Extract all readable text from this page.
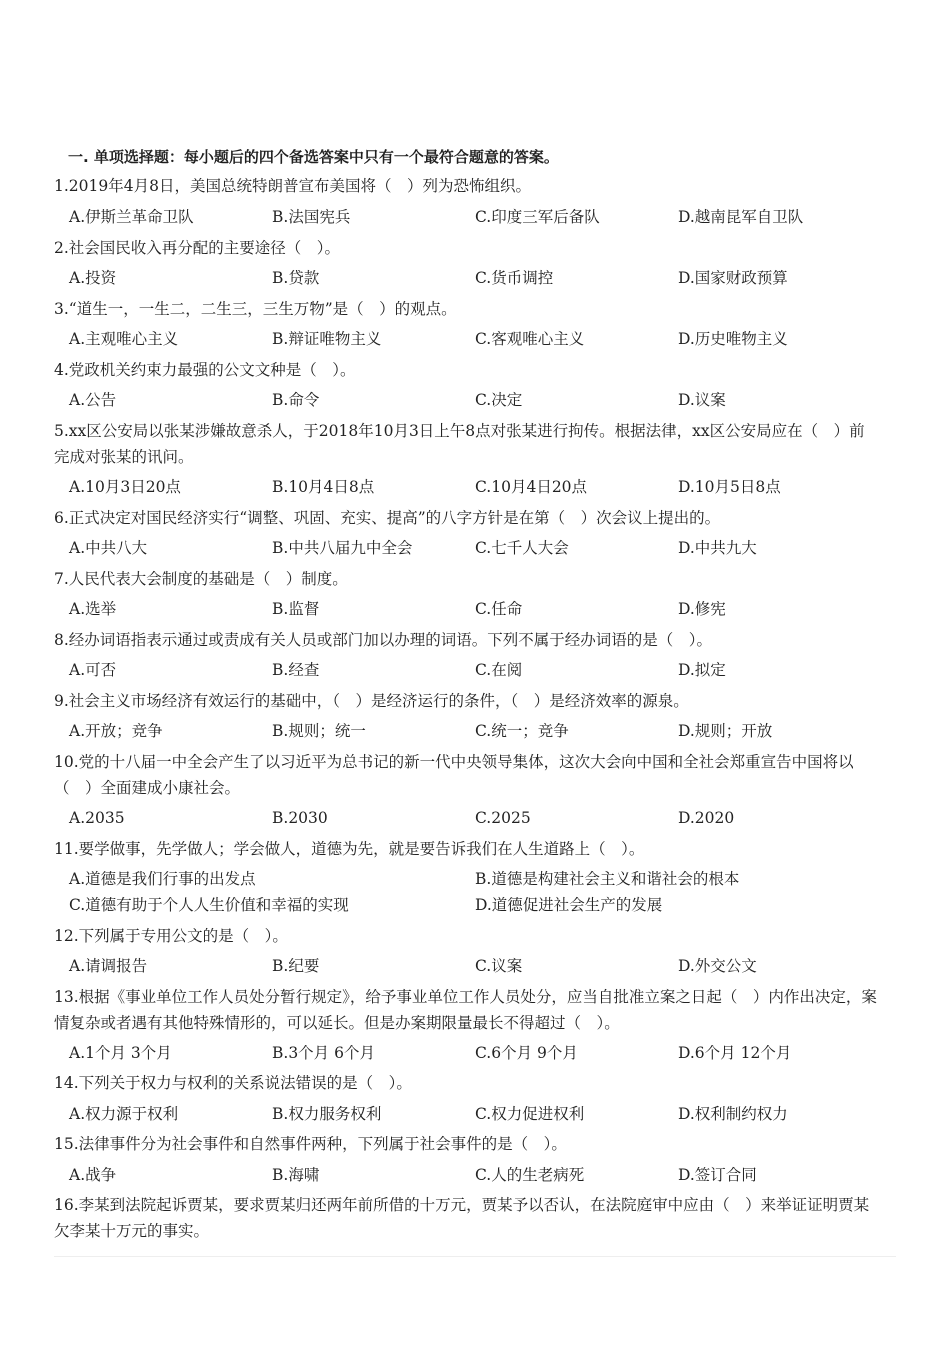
一. 单项选择题：每小题后的四个备选答案中只有一个最符合题意的答案。
1.2019年4月8日，美国总统特朗普宣布美国将（　）列为恐怖组织。
A.伊斯兰革命卫队	B.法国宪兵	C.印度三军后备队	D.越南昆军自卫队
2.社会国民收入再分配的主要途径（　）。
A.投资	B.贷款	C.货币调控	D.国家财政预算
3.“道生一，一生二，二生三，三生万物”是（　）的观点。
A.主观唯心主义	B.辩证唯物主义	C.客观唯心主义	D.历史唯物主义
4.党政机关约束力最强的公文文种是（　）。
A.公告	B.命令	C.决定	D.议案
5.xx区公安局以张某涉嫌故意杀人，于2018年10月3日上午8点对张某进行拘传。根据法律，xx区公安局应在（　）前完成对张某的讯问。
A.10月3日20点	B.10月4日8点	C.10月4日20点	D.10月5日8点
6.正式决定对国民经济实行“调整、巩固、充实、提高”的八字方针是在第（　）次会议上提出的。
A.中共八大	B.中共八届九中全会	C.七千人大会	D.中共九大
7.人民代表大会制度的基础是（　）制度。
A.选举	B.监督	C.任命	D.修宪
8.经办词语指表示通过或责成有关人员或部门加以办理的词语。下列不属于经办词语的是（　）。
A.可否	B.经查	C.在阅	D.拟定
9.社会主义市场经济有效运行的基础中，（　）是经济运行的条件，（　）是经济效率的源泉。
A.开放；竞争	B.规则；统一	C.统一；竞争	D.规则；开放
10.党的十八届一中全会产生了以习近平为总书记的新一代中央领导集体，这次大会向中国和全社会郑重宣告中国将以（　）全面建成小康社会。
A.2035	B.2030	C.2025	D.2020
11.要学做事，先学做人；学会做人，道德为先，就是要告诉我们在人生道路上（　）。
A.道德是我们行事的出发点	B.道德是构建社会主义和谐社会的根本
C.道德有助于个人人生价值和幸福的实现	D.道德促进社会生产的发展
12.下列属于专用公文的是（　）。
A.请调报告	B.纪要	C.议案	D.外交公文
13.根据《事业单位工作人员处分暂行规定》，给予事业单位工作人员处分，应当自批准立案之日起（　）内作出决定，案情复杂或者遇有其他特殊情形的，可以延长。但是办案期限量最长不得超过（　）。
A.1个月 3个月	B.3个月 6个月	C.6个月 9个月	D.6个月 12个月
14.下列关于权力与权利的关系说法错误的是（　）。
A.权力源于权利	B.权力服务权利	C.权力促进权利	D.权利制约权力
15.法律事件分为社会事件和自然事件两种，下列属于社会事件的是（　）。
A.战争	B.海啸	C.人的生老病死	D.签订合同
16.李某到法院起诉贾某，要求贾某归还两年前所借的十万元，贾某予以否认，在法院庭审中应由（　）来举证证明贾某欠李某十万元的事实。
